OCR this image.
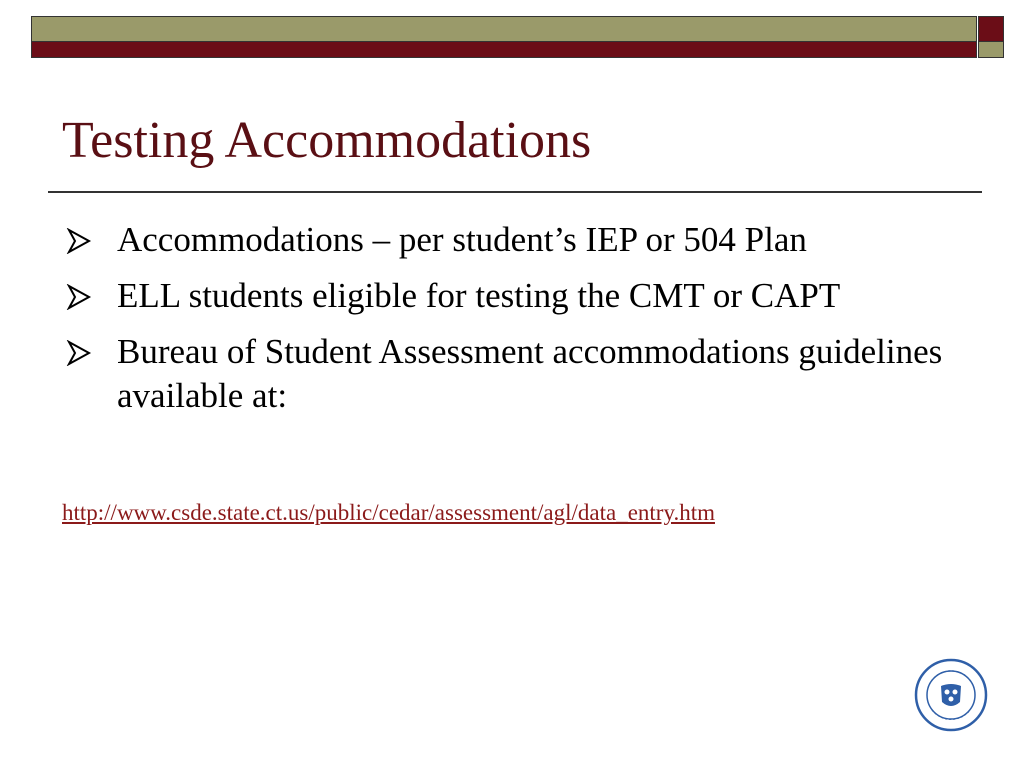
Testing Accommodations
Accommodations – per student’s IEP or 504 Plan
ELL students eligible for testing the CMT or CAPT
Bureau of Student Assessment accommodations guidelines available at:
http://www.csde.state.ct.us/public/cedar/assessment/agl/data_entry.htm
